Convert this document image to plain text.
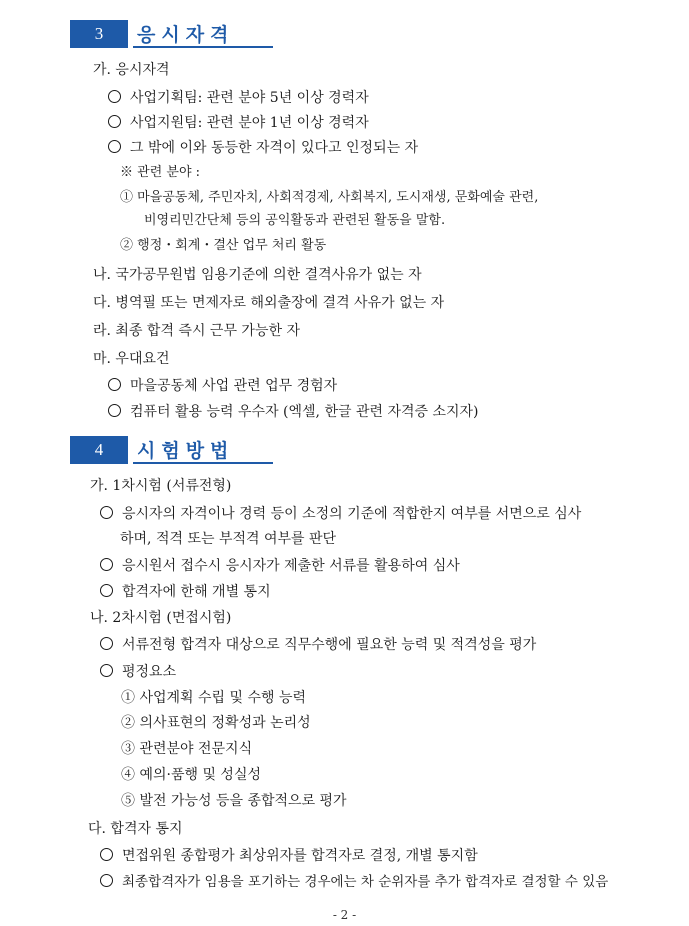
3	응시자격
가. 응시자격
사업기획팀: 관련 분야 5년 이상 경력자
사업지원팀: 관련 분야 1년 이상 경력자
그 밖에 이와 동등한 자격이 있다고 인정되는 자
※ 관련 분야 :
① 마을공동체, 주민자치, 사회적경제, 사회복지, 도시재생, 문화예술 관련,
비영리민간단체 등의 공익활동과 관련된 활동을 말함.
② 행정・회계・결산 업무 처리 활동
나. 국가공무원법 임용기준에 의한 결격사유가 없는 자
다. 병역필 또는 면제자로 해외출장에 결격 사유가 없는 자
라. 최종 합격 즉시 근무 가능한 자
마. 우대요건
마을공동체 사업 관련 업무 경험자
컴퓨터 활용 능력 우수자 (엑셀, 한글 관련 자격증 소지자)
4	시험방법
가. 1차시험 (서류전형)
응시자의 자격이나 경력 등이 소정의 기준에 적합한지 여부를 서면으로 심사
하며, 적격 또는 부적격 여부를 판단
응시원서 접수시 응시자가 제출한 서류를 활용하여 심사
합격자에 한해 개별 통지
나. 2차시험 (면접시험)
서류전형 합격자 대상으로 직무수행에 필요한 능력 및 적격성을 평가
평정요소
① 사업계획 수립 및 수행 능력
② 의사표현의 정확성과 논리성
③ 관련분야 전문지식
④ 예의·품행 및 성실성
⑤ 발전 가능성 등을 종합적으로 평가
다. 합격자 통지
면접위원 종합평가 최상위자를 합격자로 결정, 개별 통지함
최종합격자가 임용을 포기하는 경우에는 차 순위자를 추가 합격자로 결정할 수 있음
- 2 -
